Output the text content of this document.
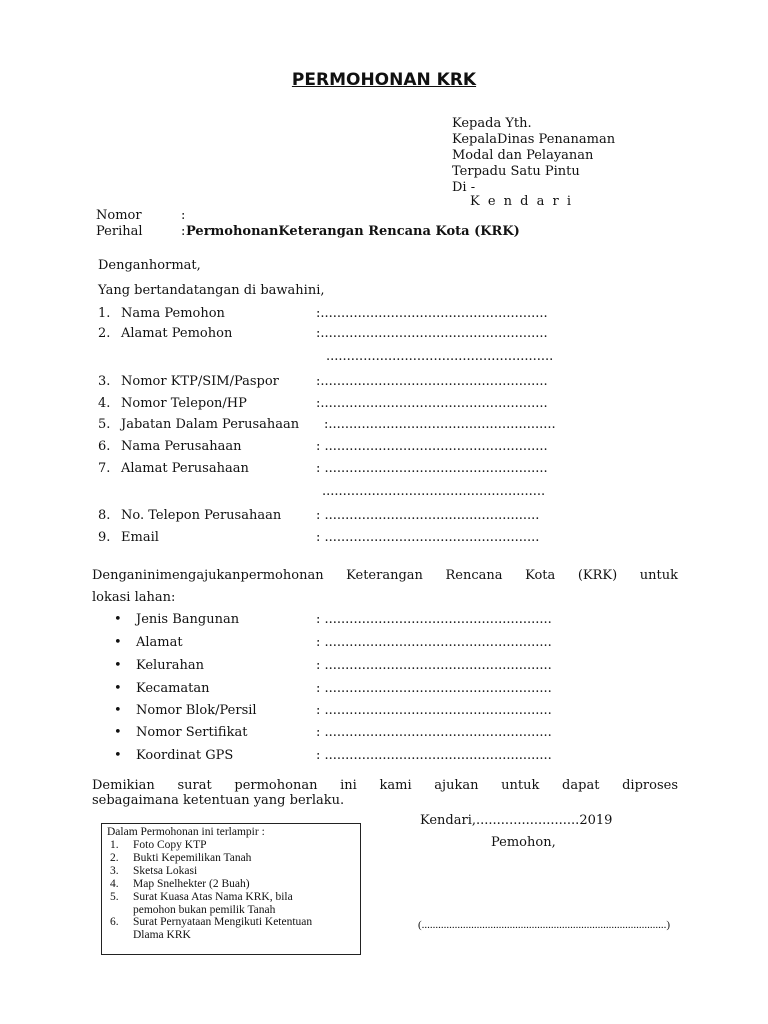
PERMOHONAN KRK
Kepada Yth.
KepalaDinas Penanaman
Modal dan Pelayanan
Terpadu Satu Pintu
Di -
K e n d a r i
Nomor	:
Perihal	: PermohonanKeterangan Rencana Kota (KRK)
Denganhormat,
Yang bertandatangan di bawahini,
1. Nama Pemohon	:.......................................................
2. Alamat Pemohon	:.......................................................
.......................................................
3. Nomor KTP/SIM/Paspor	:.......................................................
4. Nomor Telepon/HP	:.......................................................
5. Jabatan Dalam Perusahaan :.......................................................
6. Nama Perusahaan	: ......................................................
7. Alamat Perusahaan	: ......................................................
......................................................
8. No. Telepon Perusahaan	: ....................................................
9. Email	: ....................................................
Denganinimengajukanpermohonan Keterangan Rencana Kota (KRK) untuk
lokasi lahan:
• Jenis Bangunan	: .......................................................
• Alamat	: .......................................................
• Kelurahan	: .......................................................
• Kecamatan	: .......................................................
• Nomor Blok/Persil	: .......................................................
• Nomor Sertifikat	: .......................................................
• Koordinat GPS	: .......................................................
Demikian surat permohonan ini kami ajukan untuk dapat diproses
sebagaimana ketentuan yang berlaku.
Kendari,.........................2019
Pemohon,
(.........................................................................................)
Dalam Permohonan ini terlampir :
1. Foto Copy KTP
2. Bukti Kepemilikan Tanah
3. Sketsa Lokasi
4. Map Snelhekter (2 Buah)
5. Surat Kuasa Atas Nama KRK, bila
pemohon bukan pemilik Tanah
6. Surat Pernyataan Mengikuti Ketentuan
Dlama KRK
